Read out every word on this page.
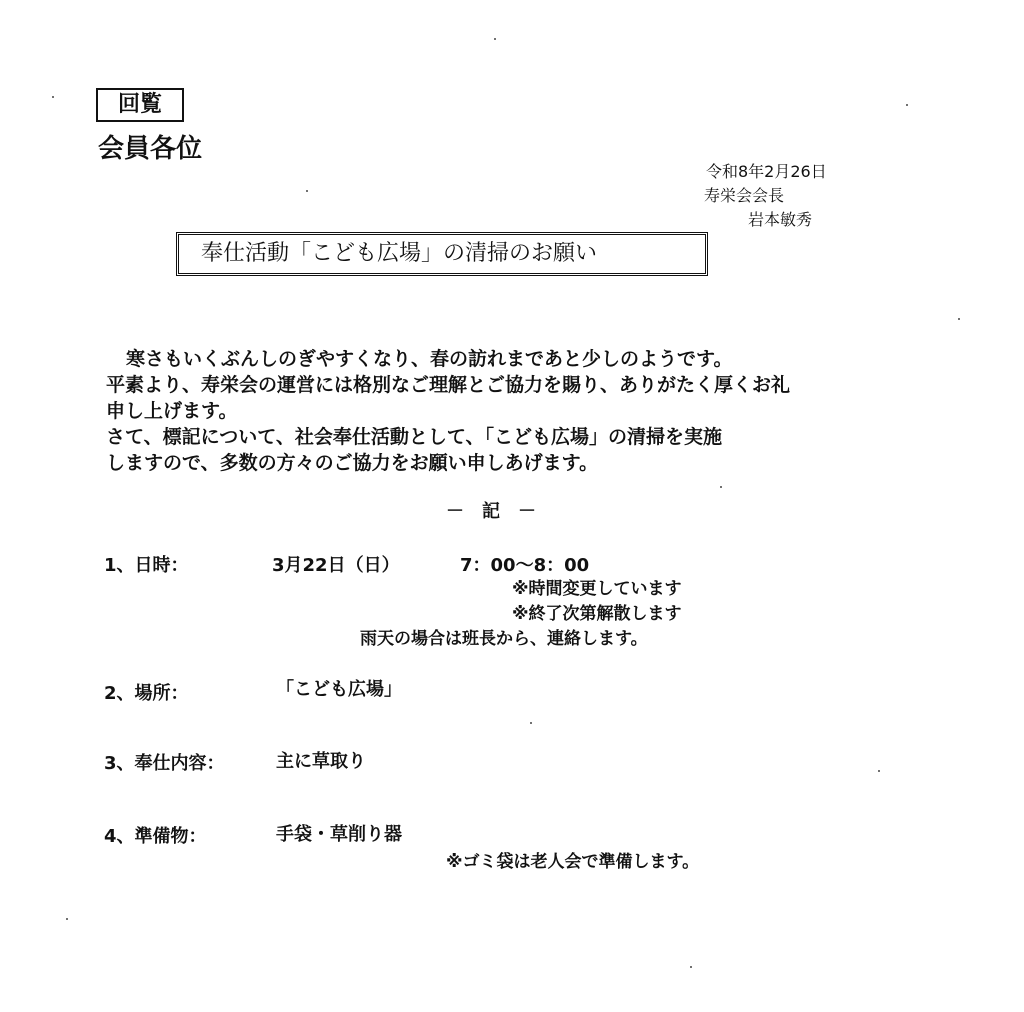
回覧
会員各位
令和8年2月26日
寿栄会会長
岩本敏秀
奉仕活動「こども広場」の清掃のお願い
寒さもいくぶんしのぎやすくなり、春の訪れまであと少しのようです。
平素より、寿栄会の運営には格別なご理解とご協力を賜り、ありがたく厚くお礼
申し上げます。
さて、標記について、社会奉仕活動として、「こども広場」の清掃を実施
しますので、多数の方々のご協力をお願い申しあげます。
－　記　－
1、日時：	3月22日（日）	7：00～8：00
※時間変更しています
※終了次第解散します
雨天の場合は班長から、連絡します。
2、場所：	「こども広場」
3、奉仕内容：	主に草取り
4、準備物：	手袋・草削り器
※ゴミ袋は老人会で準備します。
